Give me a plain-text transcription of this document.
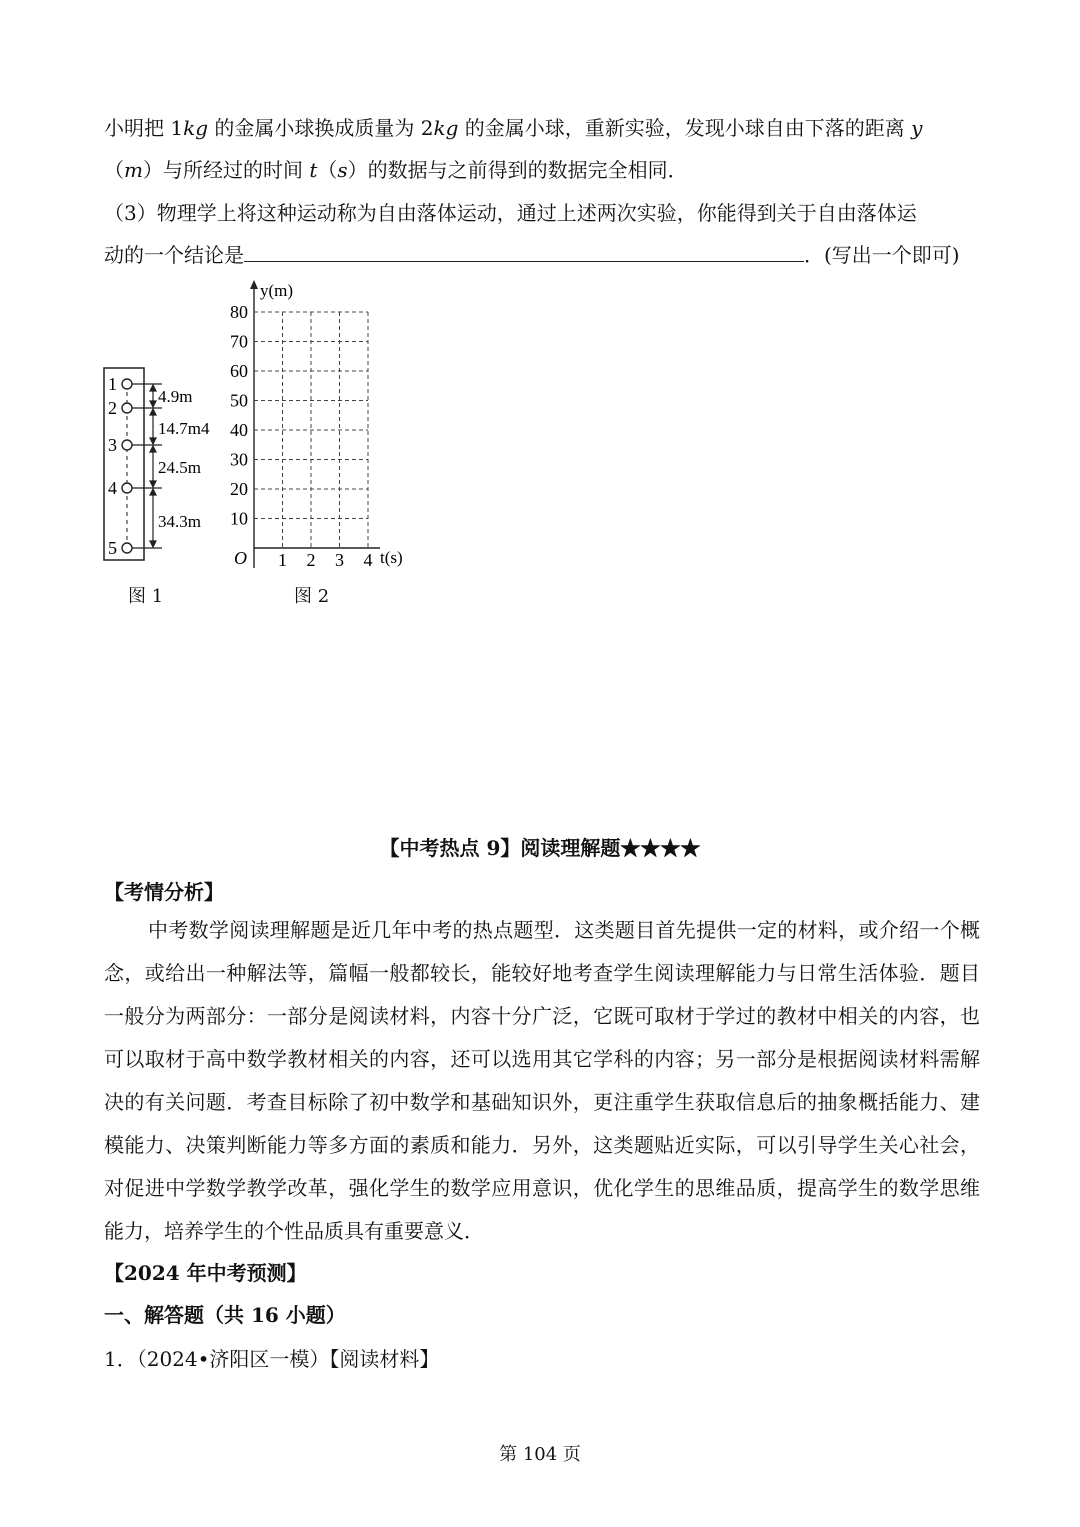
小明把 1kg 的金属小球换成质量为 2kg 的金属小球，重新实验，发现小球自由下落的距离 y
（m）与所经过的时间 t（s）的数据与之前得到的数据完全相同．
（3）物理学上将这种运动称为自由落体运动，通过上述两次实验，你能得到关于自由落体运
动的一个结论是	．(写出一个即可)
1
2
3
4
5
4.9m
14.7m4
24.5m
34.3m
图 1
80
70
60
50
40
30
20
10
1 2 3 4
y(m)
O	t(s)
图 2
【中考热点 9】阅读理解题★★★★
【考情分析】
中考数学阅读理解题是近几年中考的热点题型．这类题目首先提供一定的材料，或介绍一个概念，或给出一种解法等，篇幅一般都较长，能较好地考查学生阅读理解能力与日常生活体验．题目一般分为两部分：一部分是阅读材料，内容十分广泛，它既可取材于学过的教材中相关的内容，也可以取材于高中数学教材相关的内容，还可以选用其它学科的内容；另一部分是根据阅读材料需解决的有关问题．考查目标除了初中数学和基础知识外，更注重学生获取信息后的抽象概括能力、建模能力、决策判断能力等多方面的素质和能力．另外，这类题贴近实际，可以引导学生关心社会，对促进中学数学教学改革，强化学生的数学应用意识，优化学生的思维品质，提高学生的数学思维能力，培养学生的个性品质具有重要意义．
【2024 年中考预测】
一、解答题（共 16 小题）
1．（2024•济阳区一模）【阅读材料】
第 104 页
